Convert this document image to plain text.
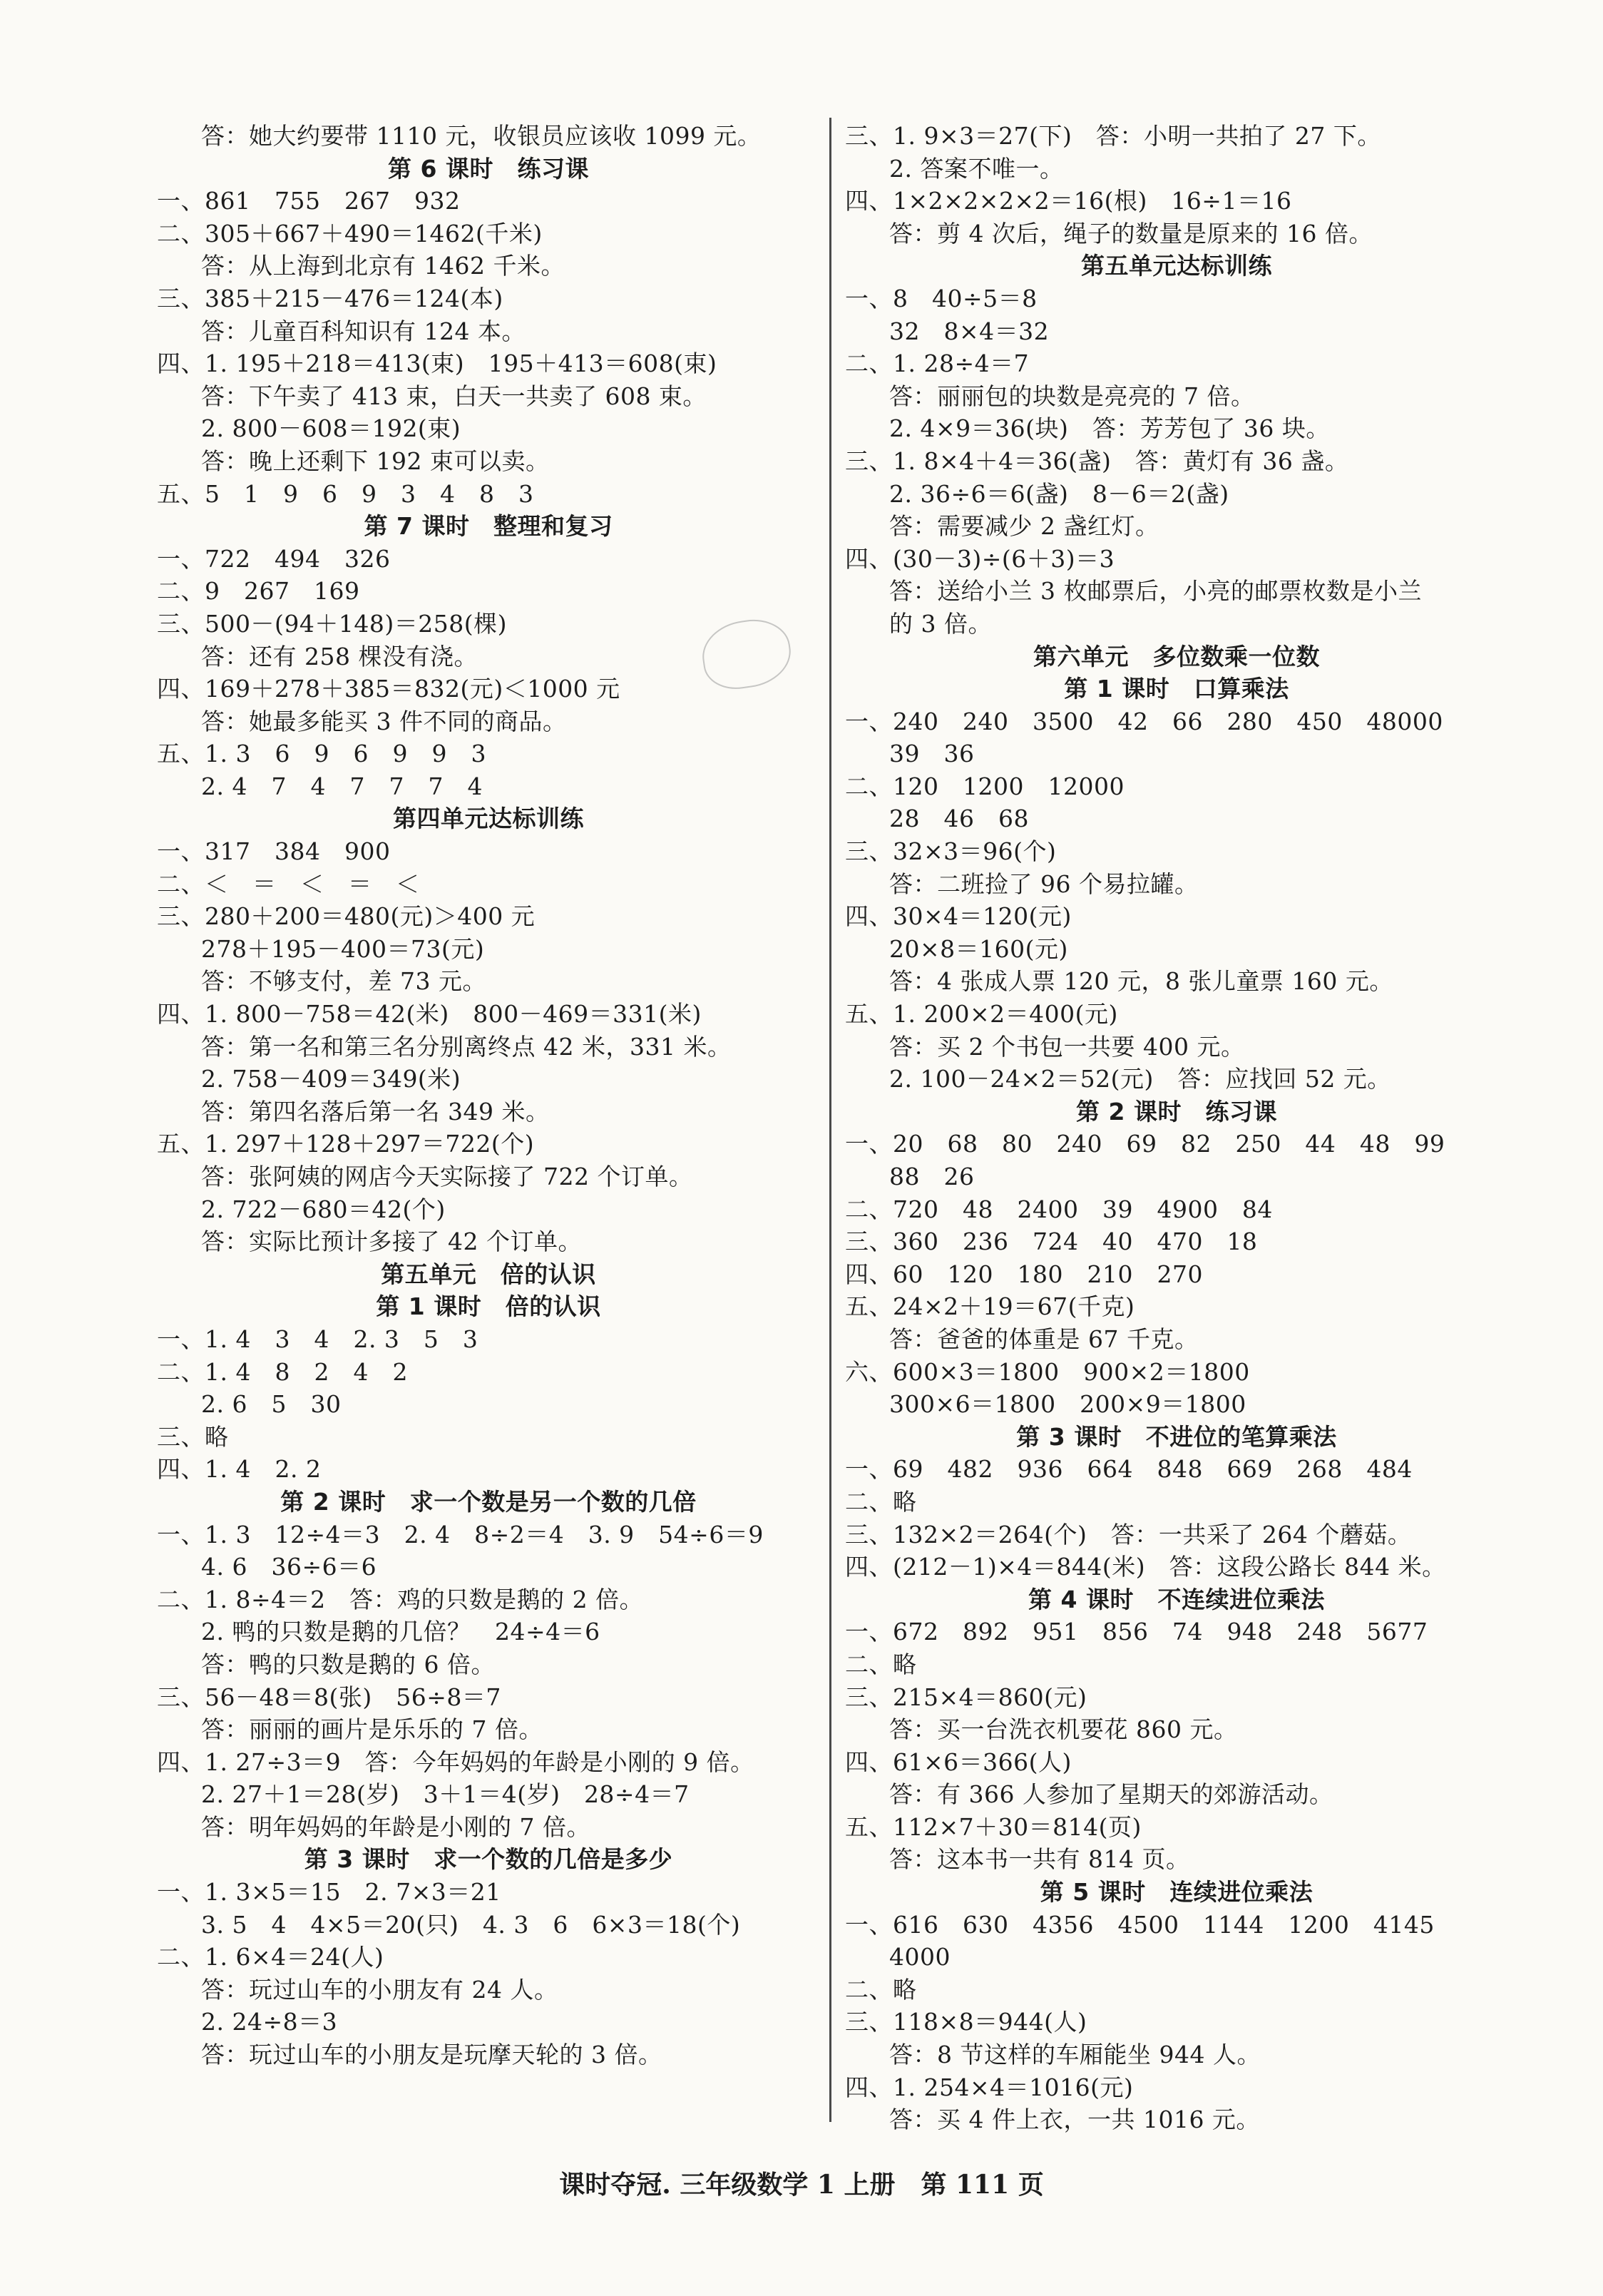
答：她大约要带 1110 元，收银员应该收 1099 元。
第 6 课时　练习课
一、861　755　267　932
二、305＋667＋490＝1462(千米)
答：从上海到北京有 1462 千米。
三、385＋215－476＝124(本)
答：儿童百科知识有 124 本。
四、1. 195＋218＝413(束)　195＋413＝608(束)
答：下午卖了 413 束，白天一共卖了 608 束。
2. 800－608＝192(束)
答：晚上还剩下 192 束可以卖。
五、5　1　9　6　9　3　4　8　3
第 7 课时　整理和复习
一、722　494　326
二、9　267　169
三、500－(94＋148)＝258(棵)
答：还有 258 棵没有浇。
四、169＋278＋385＝832(元)＜1000 元
答：她最多能买 3 件不同的商品。
五、1. 3　6　9　6　9　9　3
2. 4　7　4　7　7　7　4
第四单元达标训练
一、317　384　900
二、＜　＝　＜　＝　＜
三、280＋200＝480(元)＞400 元
278＋195－400＝73(元)
答：不够支付，差 73 元。
四、1. 800－758＝42(米)　800－469＝331(米)
答：第一名和第三名分别离终点 42 米，331 米。
2. 758－409＝349(米)
答：第四名落后第一名 349 米。
五、1. 297＋128＋297＝722(个)
答：张阿姨的网店今天实际接了 722 个订单。
2. 722－680＝42(个)
答：实际比预计多接了 42 个订单。
第五单元　倍的认识
第 1 课时　倍的认识
一、1. 4　3　4　2. 3　5　3
二、1. 4　8　2　4　2
2. 6　5　30
三、略
四、1. 4　2. 2
第 2 课时　求一个数是另一个数的几倍
一、1. 3　12÷4＝3　2. 4　8÷2＝4　3. 9　54÷6＝9
4. 6　36÷6＝6
二、1. 8÷4＝2　答：鸡的只数是鹅的 2 倍。
2. 鸭的只数是鹅的几倍？　24÷4＝6
答：鸭的只数是鹅的 6 倍。
三、56－48＝8(张)　56÷8＝7
答：丽丽的画片是乐乐的 7 倍。
四、1. 27÷3＝9　答：今年妈妈的年龄是小刚的 9 倍。
2. 27＋1＝28(岁)　3＋1＝4(岁)　28÷4＝7
答：明年妈妈的年龄是小刚的 7 倍。
第 3 课时　求一个数的几倍是多少
一、1. 3×5＝15　2. 7×3＝21
3. 5　4　4×5＝20(只)　4. 3　6　6×3＝18(个)
二、1. 6×4＝24(人)
答：玩过山车的小朋友有 24 人。
2. 24÷8＝3
答：玩过山车的小朋友是玩摩天轮的 3 倍。
三、1. 9×3＝27(下)　答：小明一共拍了 27 下。
2. 答案不唯一。
四、1×2×2×2×2＝16(根)　16÷1＝16
答：剪 4 次后，绳子的数量是原来的 16 倍。
第五单元达标训练
一、8　40÷5＝8
32　8×4＝32
二、1. 28÷4＝7
答：丽丽包的块数是亮亮的 7 倍。
2. 4×9＝36(块)　答：芳芳包了 36 块。
三、1. 8×4＋4＝36(盏)　答：黄灯有 36 盏。
2. 36÷6＝6(盏)　8－6＝2(盏)
答：需要减少 2 盏红灯。
四、(30－3)÷(6＋3)＝3
答：送给小兰 3 枚邮票后，小亮的邮票枚数是小兰
的 3 倍。
第六单元　多位数乘一位数
第 1 课时　口算乘法
一、240　240　3500　42　66　280　450　48000
39　36
二、120　1200　12000
28　46　68
三、32×3＝96(个)
答：二班捡了 96 个易拉罐。
四、30×4＝120(元)
20×8＝160(元)
答：4 张成人票 120 元，8 张儿童票 160 元。
五、1. 200×2＝400(元)
答：买 2 个书包一共要 400 元。
2. 100－24×2＝52(元)　答：应找回 52 元。
第 2 课时　练习课
一、20　68　80　240　69　82　250　44　48　99
88　26
二、720　48　2400　39　4900　84
三、360　236　724　40　470　18
四、60　120　180　210　270
五、24×2＋19＝67(千克)
答：爸爸的体重是 67 千克。
六、600×3＝1800　900×2＝1800
300×6＝1800　200×9＝1800
第 3 课时　不进位的笔算乘法
一、69　482　936　664　848　669　268　484
二、略
三、132×2＝264(个)　答：一共采了 264 个蘑菇。
四、(212－1)×4＝844(米)　答：这段公路长 844 米。
第 4 课时　不连续进位乘法
一、672　892　951　856　74　948　248　5677
二、略
三、215×4＝860(元)
答：买一台洗衣机要花 860 元。
四、61×6＝366(人)
答：有 366 人参加了星期天的郊游活动。
五、112×7＋30＝814(页)
答：这本书一共有 814 页。
第 5 课时　连续进位乘法
一、616　630　4356　4500　1144　1200　4145
4000
二、略
三、118×8＝944(人)
答：8 节这样的车厢能坐 944 人。
四、1. 254×4＝1016(元)
答：买 4 件上衣，一共 1016 元。
课时夺冠. 三年级数学 1 上册　第 111 页
